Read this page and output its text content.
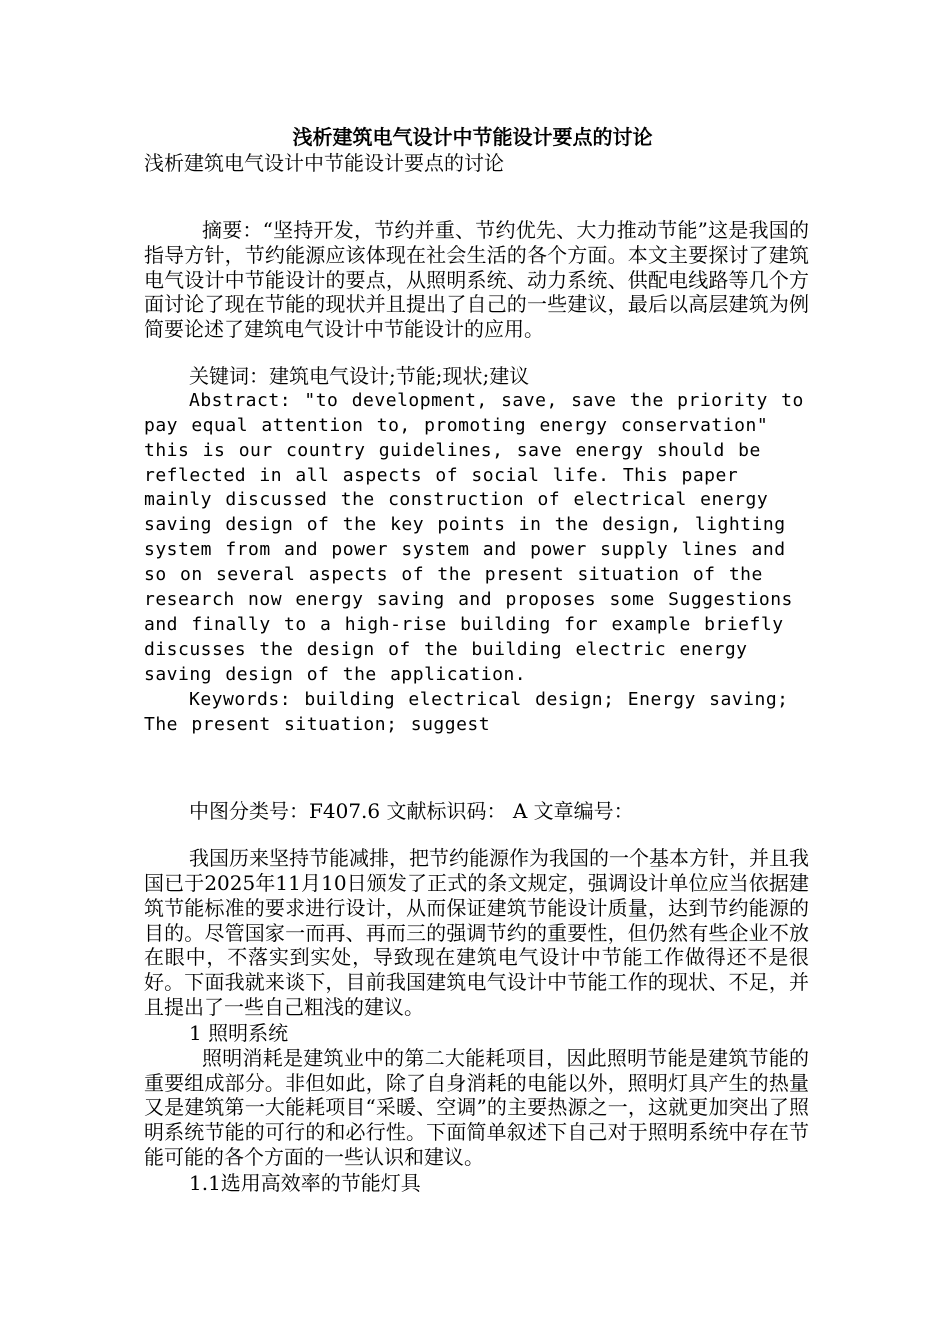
浅析建筑电气设计中节能设计要点的讨论
浅析建筑电气设计中节能设计要点的讨论
摘要：“坚持开发，节约并重、节约优先、大力推动节能”这是我国的指导方针，节约能源应该体现在社会生活的各个方面。本文主要探讨了建筑电气设计中节能设计的要点，从照明系统、动力系统、供配电线路等几个方面讨论了现在节能的现状并且提出了自己的一些建议，最后以高层建筑为例简要论述了建筑电气设计中节能设计的应用。
关键词：建筑电气设计;节能;现状;建议
Abstract: "to development, save, save the priority to pay equal attention to, promoting energy conservation" this is our country guidelines, save energy should be reflected in all aspects of social life. This paper mainly discussed the construction of electrical energy saving design of the key points in the design, lighting system from and power system and power supply lines and so on several aspects of the present situation of the research now energy saving and proposes some Suggestions and finally to a high-rise building for example briefly discusses the design of the building electric energy saving design of the application.
Keywords: building electrical design; Energy saving; The present situation; suggest
中图分类号：F407.6 文献标识码： A 文章编号：
我国历来坚持节能减排，把节约能源作为我国的一个基本方针，并且我国已于2025年11月10日颁发了正式的条文规定，强调设计单位应当依据建筑节能标准的要求进行设计，从而保证建筑节能设计质量，达到节约能源的目的。尽管国家一而再、再而三的强调节约的重要性，但仍然有些企业不放在眼中，不落实到实处，导致现在建筑电气设计中节能工作做得还不是很好。下面我就来谈下，目前我国建筑电气设计中节能工作的现状、不足，并且提出了一些自己粗浅的建议。
1 照明系统
照明消耗是建筑业中的第二大能耗项目，因此照明节能是建筑节能的重要组成部分。非但如此，除了自身消耗的电能以外，照明灯具产生的热量又是建筑第一大能耗项目“采暖、空调”的主要热源之一，这就更加突出了照明系统节能的可行的和必行性。下面简单叙述下自己对于照明系统中存在节能可能的各个方面的一些认识和建议。
1.1选用高效率的节能灯具
